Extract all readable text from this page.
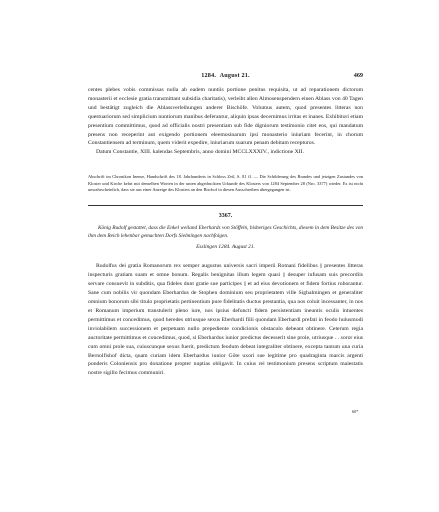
1284. August 21.	469

centes plebes vobis commissas nulla ab eadem nuntiis portione penitus requisita, ut ad reparationem dictorum monasterii et ecclesie gratia transmittant subsidia charitatis), verleiht allen Almosenspendern einen Ablass von 40 Tagen und bestätigt zugleich die Ablassverleihungen anderer Bischöfe. Volumus autem, quod presentes litteras non questuariorum sed simplicium nuntiorum manibus deferantur, aliquin ipsas decernimus irritas et inanes. Exhibitori etiam presentium committimus, quod ad officialis nostri presentiam sub fide digniorum testimonio citet eos, qui mandatum presens non receperint aut exigendo portionem eleemosinarum ipsi monasterio iniuriam fecerint, in chorum Constantiensem ad terminum, quem viderit expedire, iniuriarum suarum penam debitam recepturos.

Datum Constantie, XIII. kalendas Septembris, anno domini MCCLXXXIV., indictione XII.

Abschrift im Chronikon Inense, Handschrift des 18. Jahrhunderts in Schloss Zeil, S. 81 ff. — Die Schilderung des Brandes und jetzigen Zustandes von Kloster und Kirche kehrt mit denselben Worten in der unten abgedruckten Urkunde des Klosters von 1284 September 28 (Nro. 3377) wieder. Es ist nicht unwahrscheinlich, dass sie aus einer Anzeige des Klosters an den Bischof in diesen Ausschreiben übergegangen ist.
3367.
König Rudolf gestattet, dass die Enkel weiland Eberhards von Stöffeln, bisheriges Geschichts, diesem in dem Besitze des von ihm dem Reich lehenbar gemachten Dorfs Sielmingen nachfolgen.
Esslingen 1284. August 21.

Rudolfus dei gratia Romanorum rex semper augustus universis sacri imperii Romani fidelibus || presentes litteras inspecturis gratiam suam et omne bonum. Regalis benignitas illum legem quasi || desuper infusam suis precordiis servare consuevit in subditis, qua fideles dunt gratie sue participes || et ad eius devotionem et fidem fortius roborantur. Sane cum nobilis vir quondam Eberhardus de Stophen dominium seu proprietatem ville Sighalmingen et generaliter omnium bonorum sibi titulo proprietatis pertinentium pure fidelitatis ductus prestantia, qua nos coluit incessanter, in nos et Romanum imperium transtulerit pleno iure, nos ipsius defuncti fidem persistentiam ineuntis oculis intuentes permittimus et concedimus, quod heredes utriusque sexus Eberhardi filii quondam Eberhardi prefati in feodo hulusmodi inviolabilem successionem et perpetuam nullo prepediente condicionis obstaculo debeant obtinere. Ceterum regia auctoritate permittimus et concedimus, quod, si Eberhardus iunior predictus decesserit sine prole, utriusque . . soror eius cum omni prole sua, cuiuscunque sexus fuerit, predictum feodum debeat integraliter obtinere, excepta tantum una curia Bernolfishof dicta, quam curiam idem Eberhardus iunior Göte uxori sue legitime pro quadraginta marcis argenti ponderis Coloniensis pro donatione propter nuptias obligavit. In cuius rei testimonium presens scriptum maiestatis nostre sigillo fecimus communiri.

60*
